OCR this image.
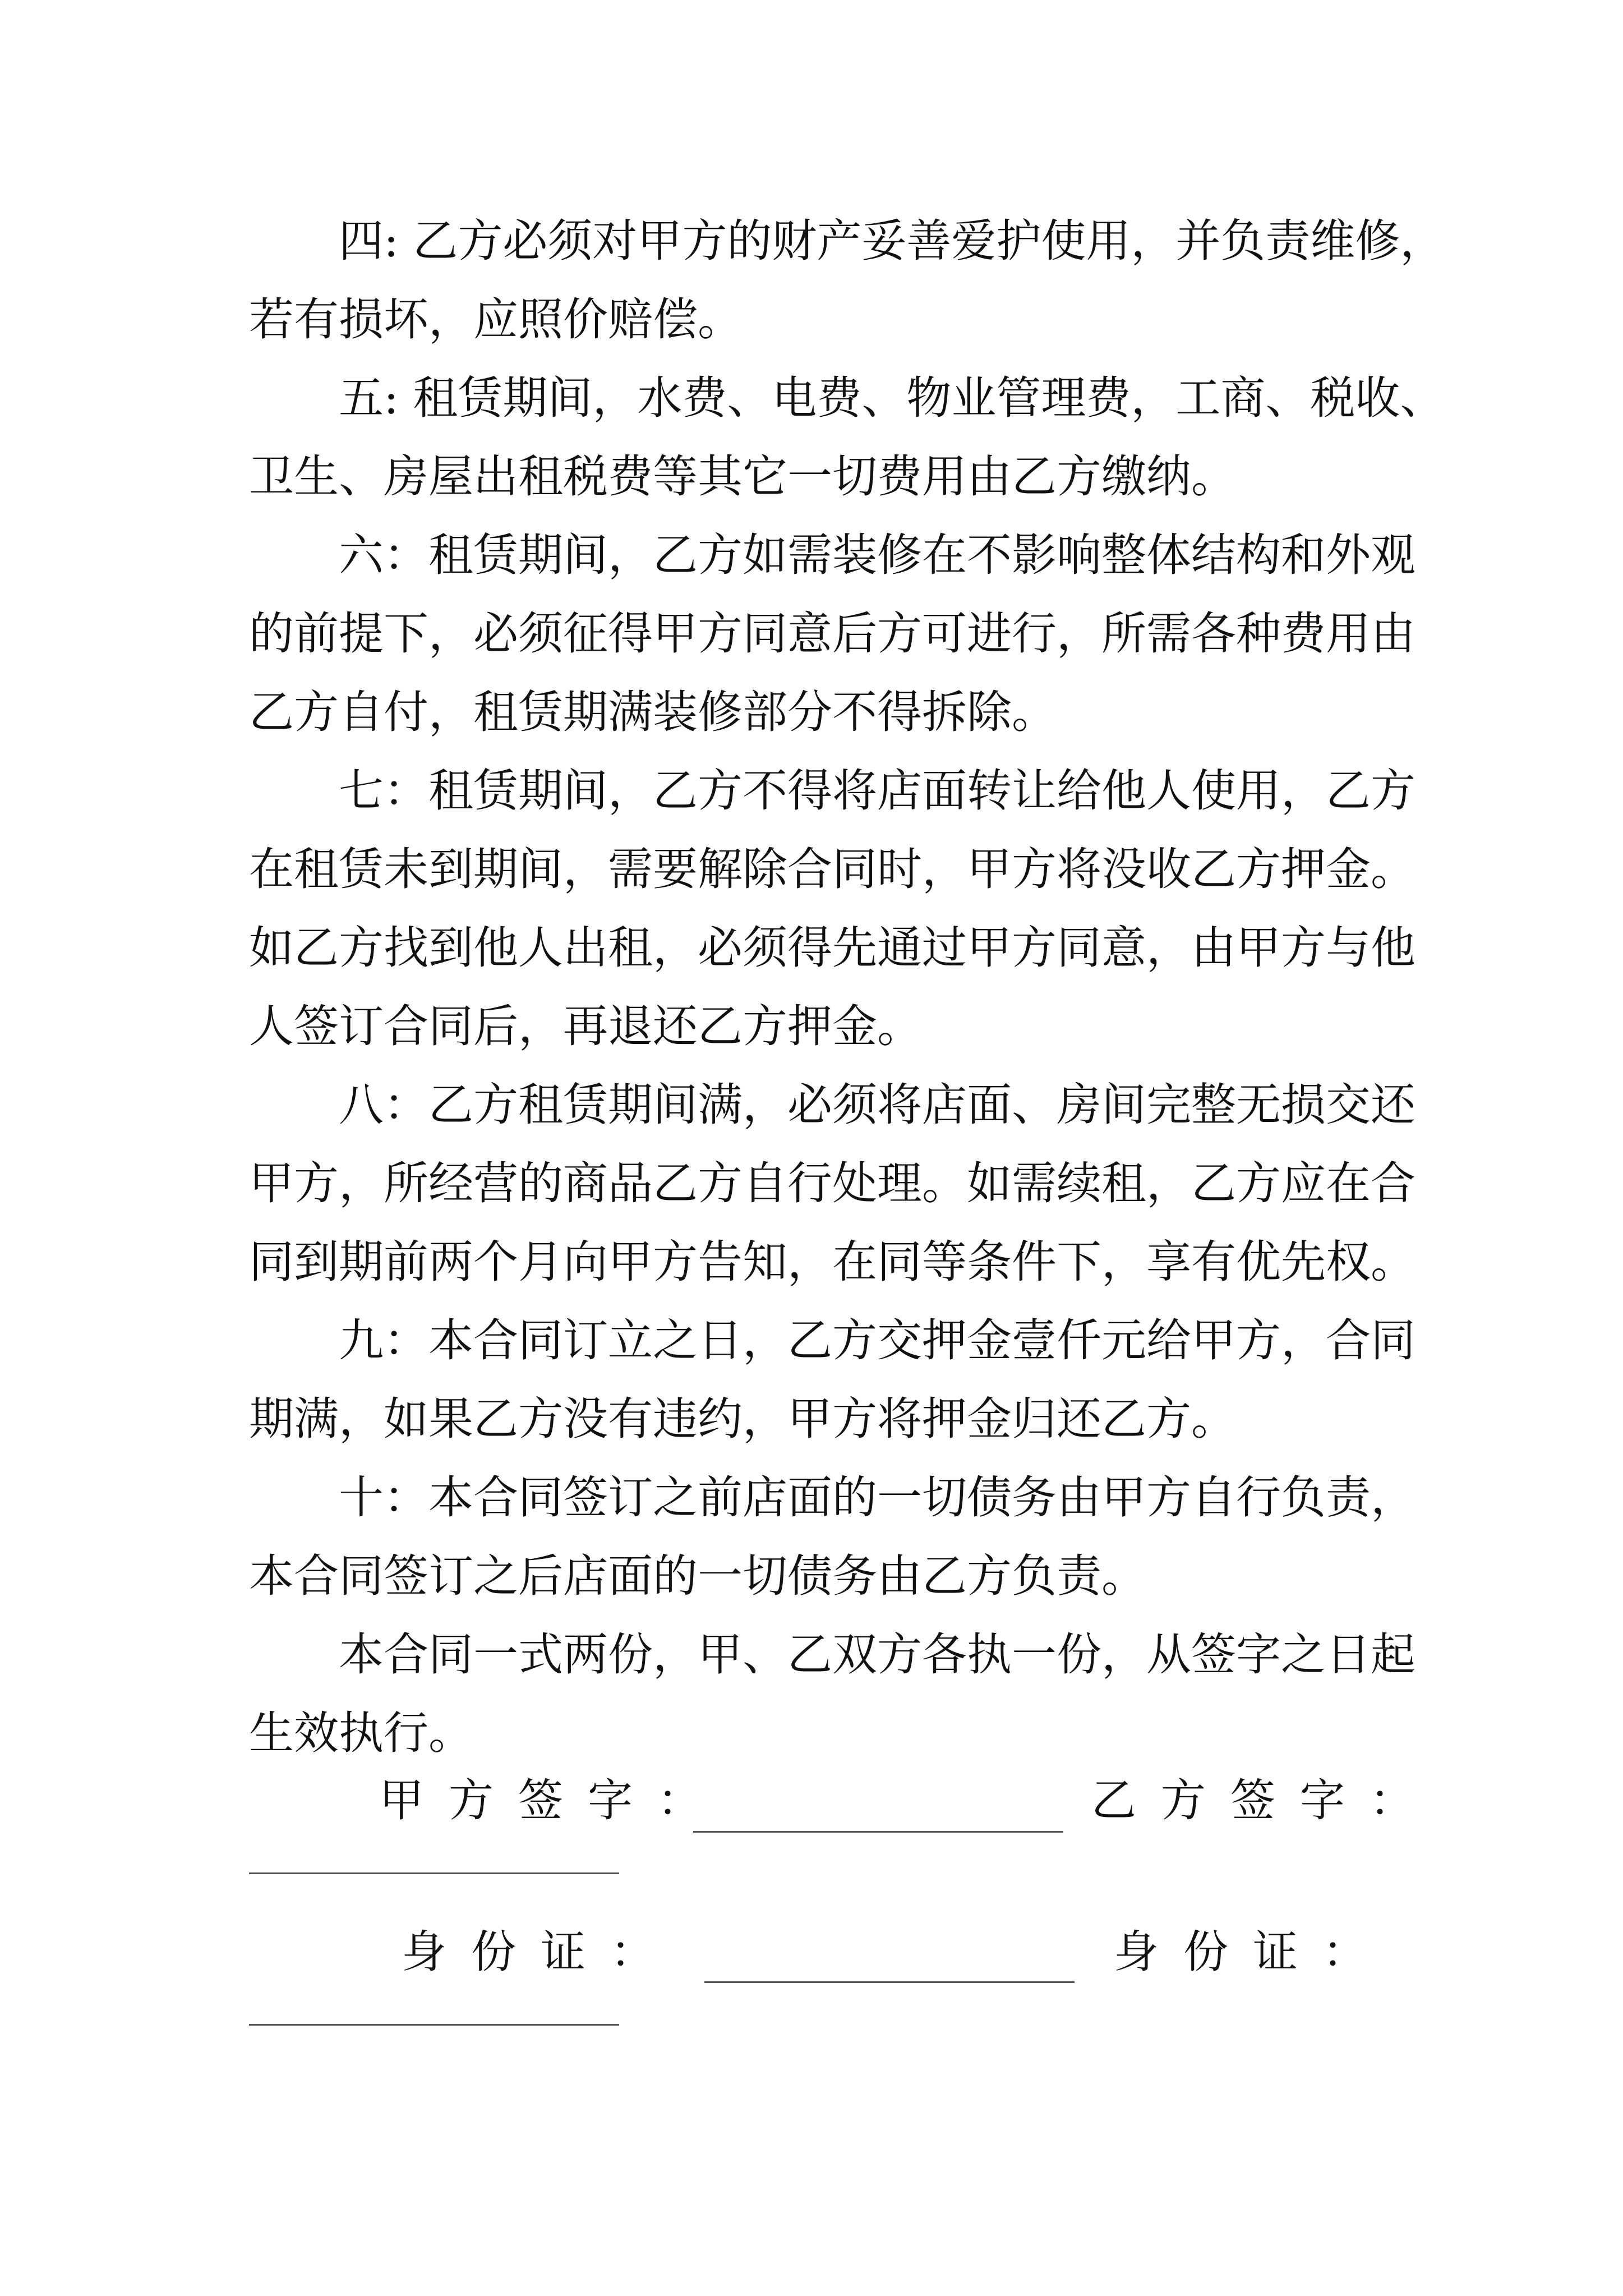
四: 乙方必须对甲方的财产妥善爱护使用，并负责维修，
若有损坏，应照价赔偿。
五: 租赁期间，水费、电费、物业管理费，工商、税收、
卫生、房屋出租税费等其它一切费用由乙方缴纳。
六：租赁期间，乙方如需装修在不影响整体结构和外观
的前提下，必须征得甲方同意后方可进行，所需各种费用由
乙方自付，租赁期满装修部分不得拆除。
七：租赁期间，乙方不得将店面转让给他人使用，乙方
在租赁未到期间，需要解除合同时，甲方将没收乙方押金。
如乙方找到他人出租，必须得先通过甲方同意，由甲方与他
人签订合同后，再退还乙方押金。
八：乙方租赁期间满，必须将店面、房间完整无损交还
甲方，所经营的商品乙方自行处理。如需续租，乙方应在合
同到期前两个月向甲方告知，在同等条件下，享有优先权。
九：本合同订立之日，乙方交押金壹仟元给甲方，合同
期满，如果乙方没有违约，甲方将押金归还乙方。
十：本合同签订之前店面的一切债务由甲方自行负责，
本合同签订之后店面的一切债务由乙方负责。
本合同一式两份，甲、乙双方各执一份，从签字之日起
生效执行。
甲方签字：	乙方签字：
身份证：	身份证：
